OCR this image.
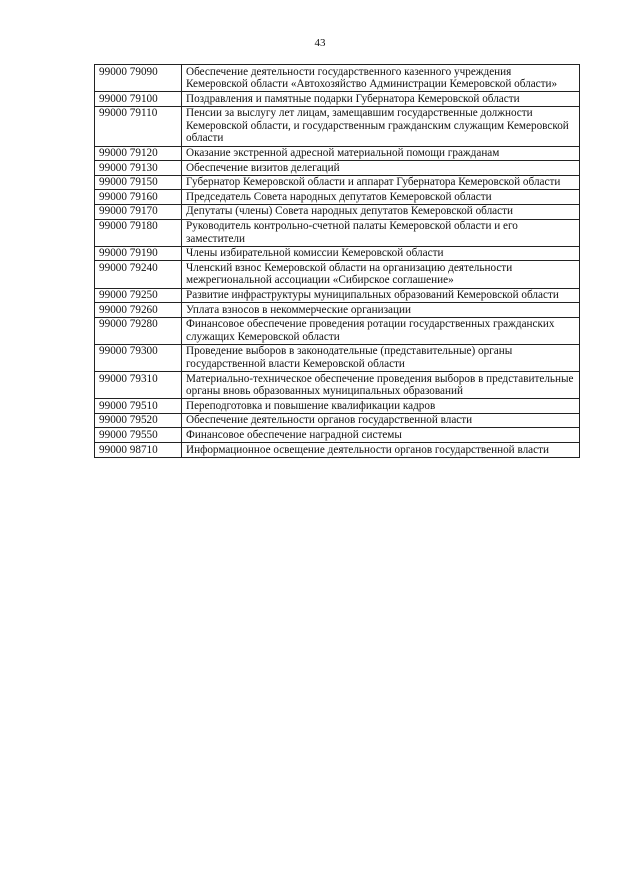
43
99000 79090	Обеспечение деятельности государственного казенного учреждения Кемеровской области «Автохозяйство Администрации Кемеровской области»
99000 79100	Поздравления и памятные подарки Губернатора Кемеровской области
99000 79110	Пенсии за выслугу лет лицам, замещавшим государственные должности Кемеровской области, и государственным гражданским служащим Кемеровской области
99000 79120	Оказание экстренной адресной материальной помощи гражданам
99000 79130	Обеспечение визитов делегаций
99000 79150	Губернатор Кемеровской области и аппарат Губернатора Кемеровской области
99000 79160	Председатель Совета народных депутатов Кемеровской области
99000 79170	Депутаты (члены) Совета народных депутатов Кемеровской области
99000 79180	Руководитель контрольно-счетной палаты Кемеровской области и его заместители
99000 79190	Члены избирательной комиссии Кемеровской области
99000 79240	Членский взнос Кемеровской области на организацию деятельности межрегиональной ассоциации «Сибирское соглашение»
99000 79250	Развитие инфраструктуры муниципальных образований Кемеровской области
99000 79260	Уплата взносов в некоммерческие организации
99000 79280	Финансовое обеспечение проведения ротации государственных гражданских служащих Кемеровской области
99000 79300	Проведение выборов в законодательные (представительные) органы государственной власти Кемеровской области
99000 79310	Материально-техническое обеспечение проведения выборов в представительные органы вновь образованных муниципальных образований
99000 79510	Переподготовка и повышение квалификации кадров
99000 79520	Обеспечение деятельности органов государственной власти
99000 79550	Финансовое обеспечение наградной системы
99000 98710	Информационное освещение деятельности органов государственной власти
